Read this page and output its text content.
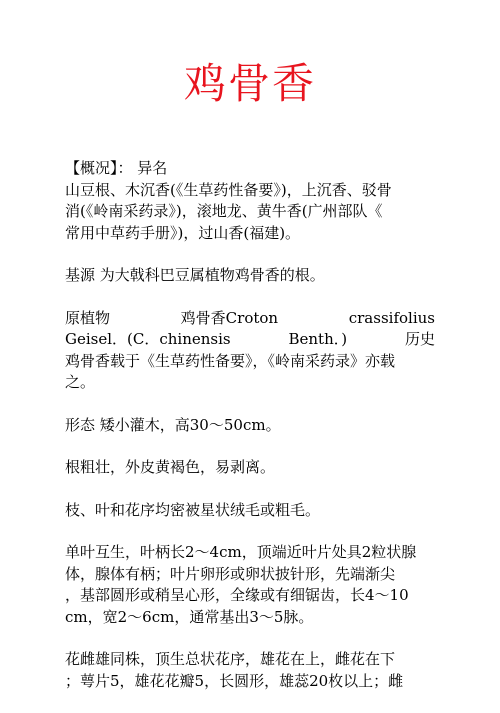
鸡骨香
【概况】： 异名
山豆根、木沉香(《生草药性备要》)，上沉香、驳骨
消(《岭南采药录》)，滚地龙、黄牛香(广州部队《
常用中草药手册》)，过山香(福建)。
基源 为大戟科巴豆属植物鸡骨香的根。
原植物	鸡骨香Croton	crassifolius
Geisel．(C．chinensis	Benth．)	历史
鸡骨香载于《生草药性备要》，《岭南采药录》亦载
之。
形态 矮小灌木，高30～50cm。
根粗壮，外皮黄褐色，易剥离。
枝、叶和花序均密被星状绒毛或粗毛。
单叶互生，叶柄长2～4cm，顶端近叶片处具2粒状腺
体，腺体有柄；叶片卵形或卵状披针形，先端渐尖
，基部圆形或稍呈心形，全缘或有细锯齿，长4～10
cm，宽2～6cm，通常基出3～5脉。
花雌雄同株，顶生总状花序，雄花在上，雌花在下
；萼片5，雄花花瓣5，长圆形，雄蕊20枚以上；雌
